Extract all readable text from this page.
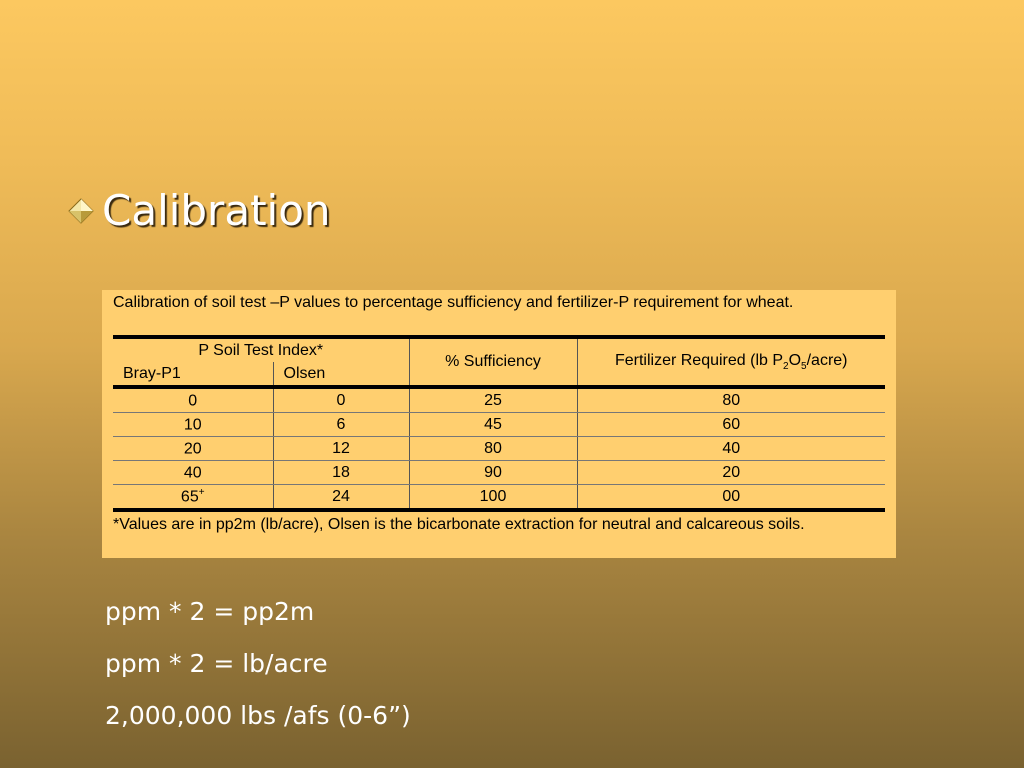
Calibration
Calibration of soil test –P values to percentage sufficiency and fertilizer-P requirement for wheat.
P Soil Test Index*		% Sufficiency	Fertilizer Required (lb $P_2O_5/acre$)
Bray-P1	Olsen		
0	0	25	80
10	6	45	60
20	12	80	40
40	18	90	20
65+	24	100	00
*Values are in pp2m (lb/acre), Olsen is the bicarbonate extraction for neutral and calcareous soils.
ppm * 2 = pp2m
ppm * 2 = lb/acre
2,000,000 lbs /afs (0-6”)
